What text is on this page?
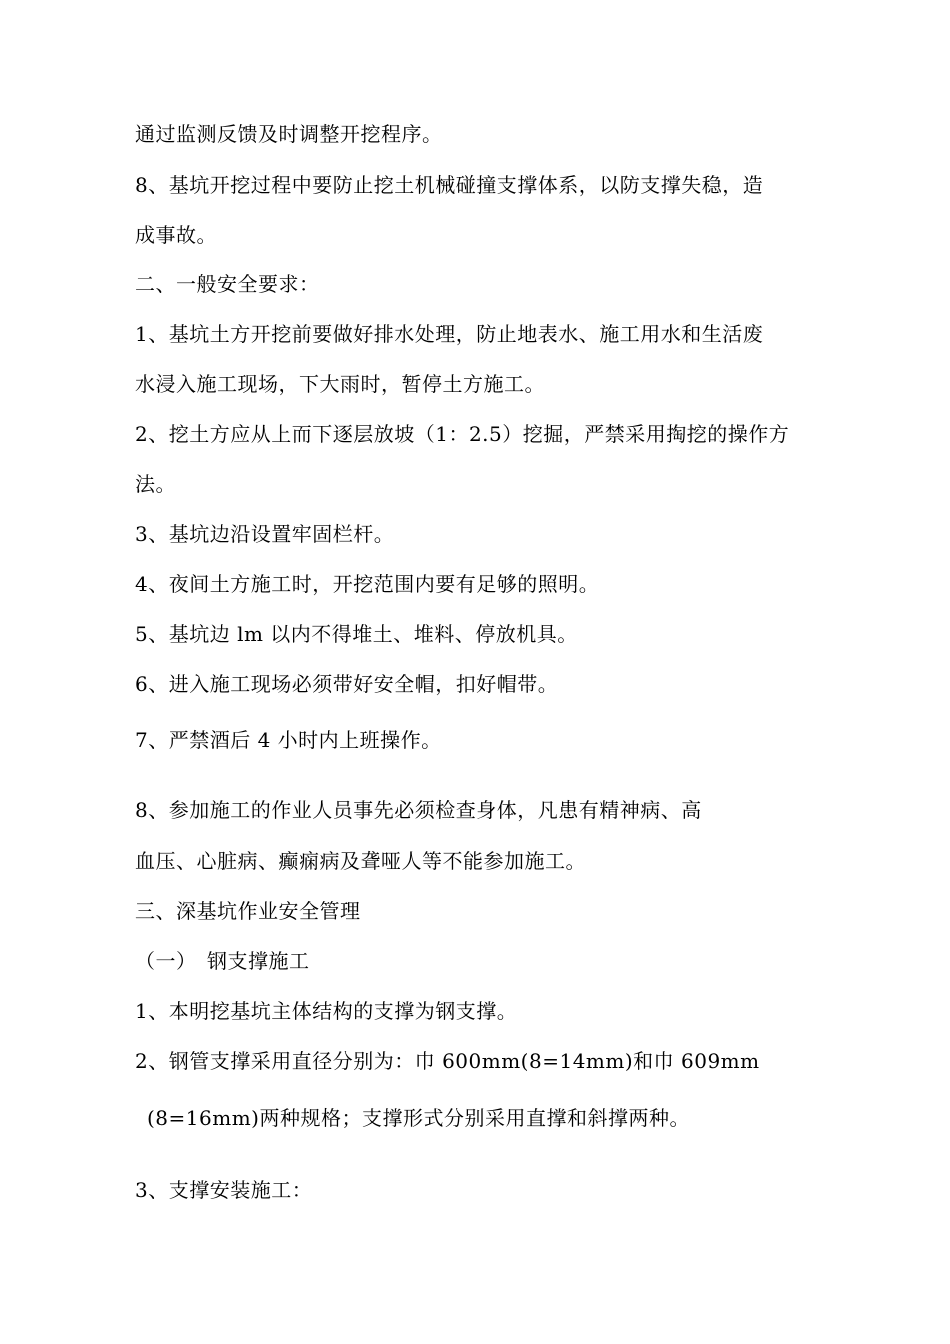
通过监测反馈及时调整开挖程序。

8、基坑开挖过程中要防止挖土机械碰撞支撑体系，以防支撑失稳，造

成事故。

二、一般安全要求：

1、基坑土方开挖前要做好排水处理，防止地表水、施工用水和生活废

水浸入施工现场，下大雨时，暂停土方施工。

2、挖土方应从上而下逐层放坡（1：2.5）挖掘，严禁采用掏挖的操作方

法。

3、基坑边沿设置牢固栏杆。

4、夜间土方施工时，开挖范围内要有足够的照明。

5、基坑边 lm 以内不得堆土、堆料、停放机具。

6、进入施工现场必须带好安全帽，扣好帽带。

7、严禁酒后 4 小时内上班操作。

8、参加施工的作业人员事先必须检查身体，凡患有精神病、高

血压、心脏病、癫痫病及聋哑人等不能参加施工。

三、深基坑作业安全管理

（一）　钢支撑施工

1、本明挖基坑主体结构的支撑为钢支撑。

2、钢管支撑采用直径分别为：巾 600mm(8=14mm)和巾 609mm

(8=16mm)两种规格；支撑形式分别采用直撑和斜撑两种。

3、支撑安装施工：
